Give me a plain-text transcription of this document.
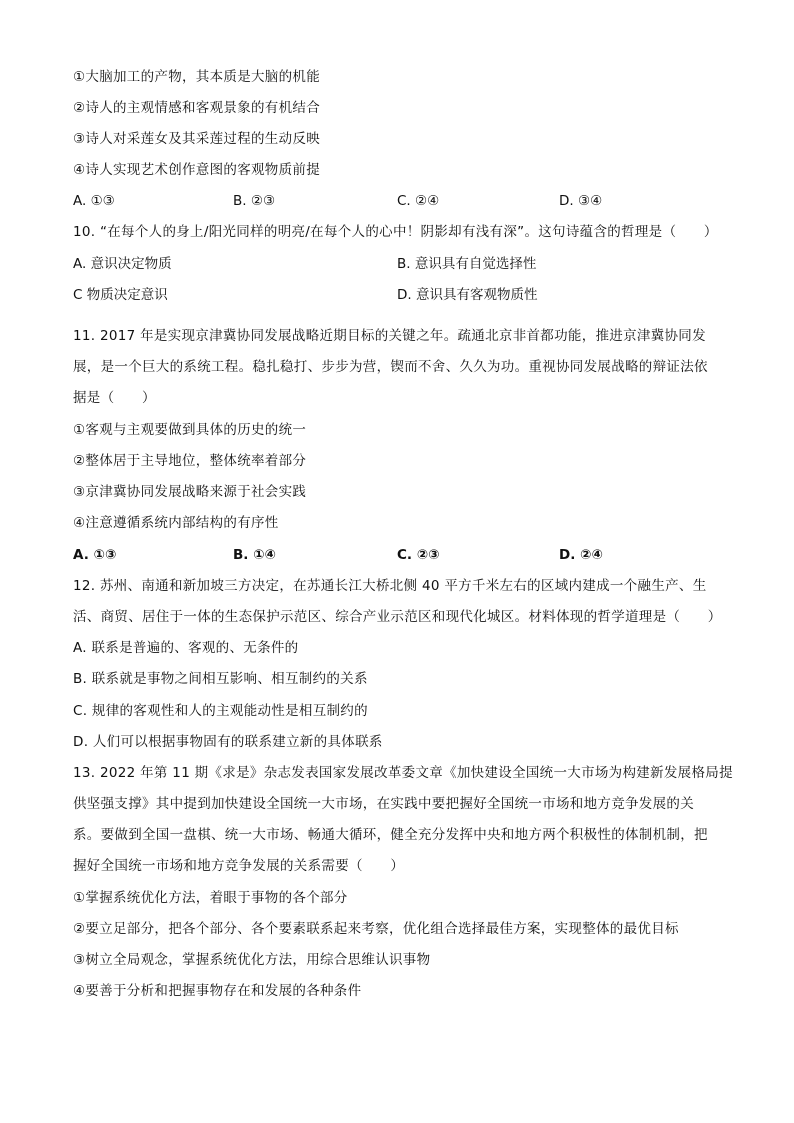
①大脑加工的产物，其本质是大脑的机能
②诗人的主观情感和客观景象的有机结合
③诗人对采莲女及其采莲过程的生动反映
④诗人实现艺术创作意图的客观物质前提
A. ①③	B. ②③	C. ②④	D. ③④
10. “在每个人的身上/阳光同样的明亮/在每个人的心中！阴影却有浅有深”。这句诗蕴含的哲理是（　　）
A. 意识决定物质	B. 意识具有自觉选择性
C 物质决定意识	D. 意识具有客观物质性
11. 2017 年是实现京津冀协同发展战略近期目标的关键之年。疏通北京非首都功能，推进京津冀协同发
展，是一个巨大的系统工程。稳扎稳打、步步为营，锲而不舍、久久为功。重视协同发展战略的辩证法依
据是（　　）
①客观与主观要做到具体的历史的统一
②整体居于主导地位，整体统率着部分
③京津冀协同发展战略来源于社会实践
④注意遵循系统内部结构的有序性
A. ①③	B. ①④	C. ②③	D. ②④
12. 苏州、南通和新加坡三方决定，在苏通长江大桥北侧 40 平方千米左右的区域内建成一个融生产、生
活、商贸、居住于一体的生态保护示范区、综合产业示范区和现代化城区。材料体现的哲学道理是（　　）
A. 联系是普遍的、客观的、无条件的
B. 联系就是事物之间相互影响、相互制约的关系
C. 规律的客观性和人的主观能动性是相互制约的
D. 人们可以根据事物固有的联系建立新的具体联系
13. 2022 年第 11 期《求是》杂志发表国家发展改革委文章《加快建设全国统一大市场为构建新发展格局提
供坚强支撑》其中提到加快建设全国统一大市场，在实践中要把握好全国统一市场和地方竞争发展的关
系。要做到全国一盘棋、统一大市场、畅通大循环，健全充分发挥中央和地方两个积极性的体制机制，把
握好全国统一市场和地方竞争发展的关系需要（　　）
①掌握系统优化方法，着眼于事物的各个部分
②要立足部分，把各个部分、各个要素联系起来考察，优化组合选择最佳方案，实现整体的最优目标
③树立全局观念，掌握系统优化方法，用综合思维认识事物
④要善于分析和把握事物存在和发展的各种条件
